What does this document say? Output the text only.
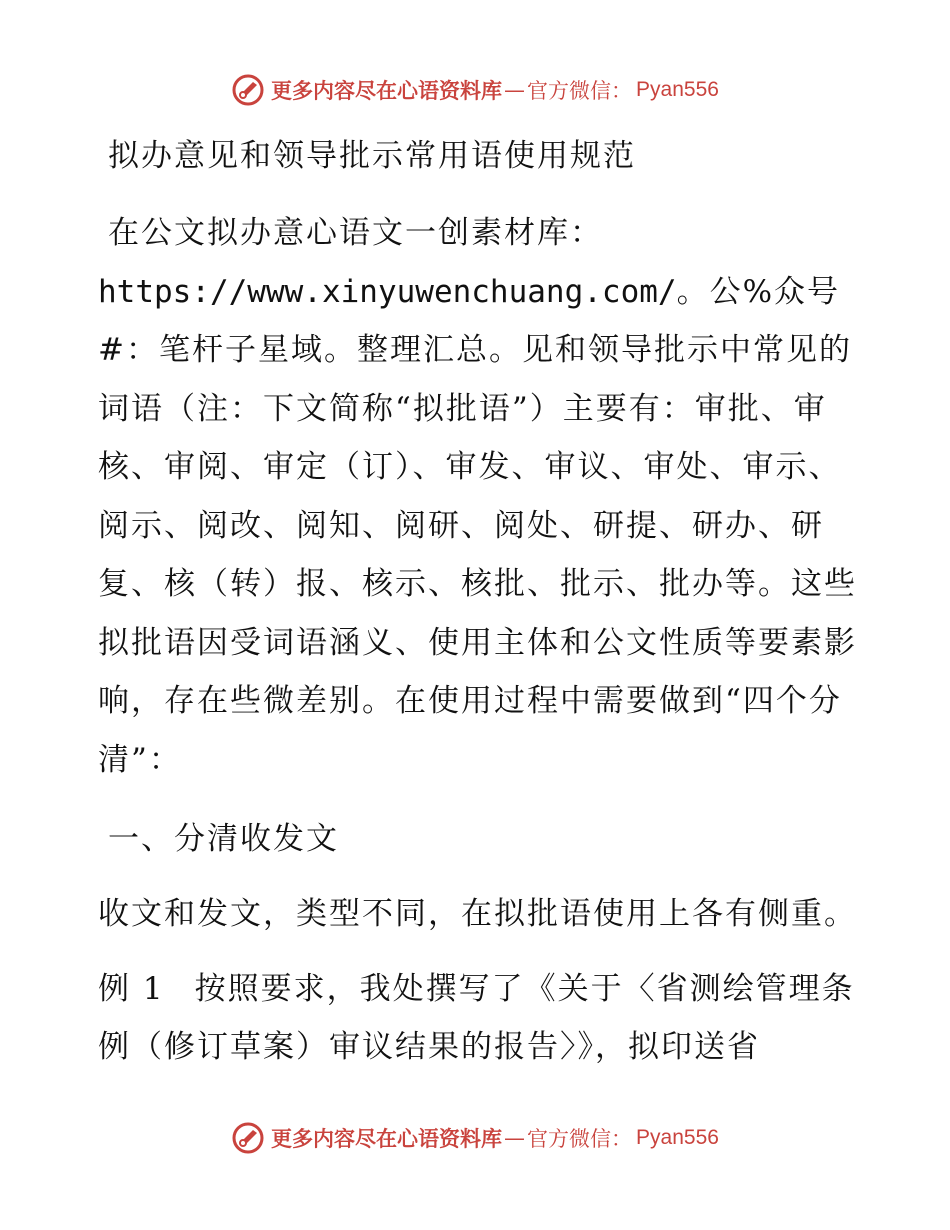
更多内容尽在心语资料库 — 官方微信： Pyan556
拟办意见和领导批示常用语使用规范
在公文拟办意心语文一创素材库：https://www.xinyuwenchuang.com/。公%众号#：笔杆子星域。整理汇总。见和领导批示中常见的词语（注：下文简称“拟批语”）主要有：审批、审核、审阅、审定（订）、审发、审议、审处、审示、阅示、阅改、阅知、阅研、阅处、研提、研办、研复、核（转）报、核示、核批、批示、批办等。这些拟批语因受词语涵义、使用主体和公文性质等要素影响，存在些微差别。在使用过程中需要做到“四个分清”：
一、分清收发文
收文和发文，类型不同，在拟批语使用上各有侧重。
例 1 按照要求，我处撰写了《关于〈省测绘管理条例（修订草案）审议结果的报告〉》，拟印送省
更多内容尽在心语资料库 — 官方微信： Pyan556
